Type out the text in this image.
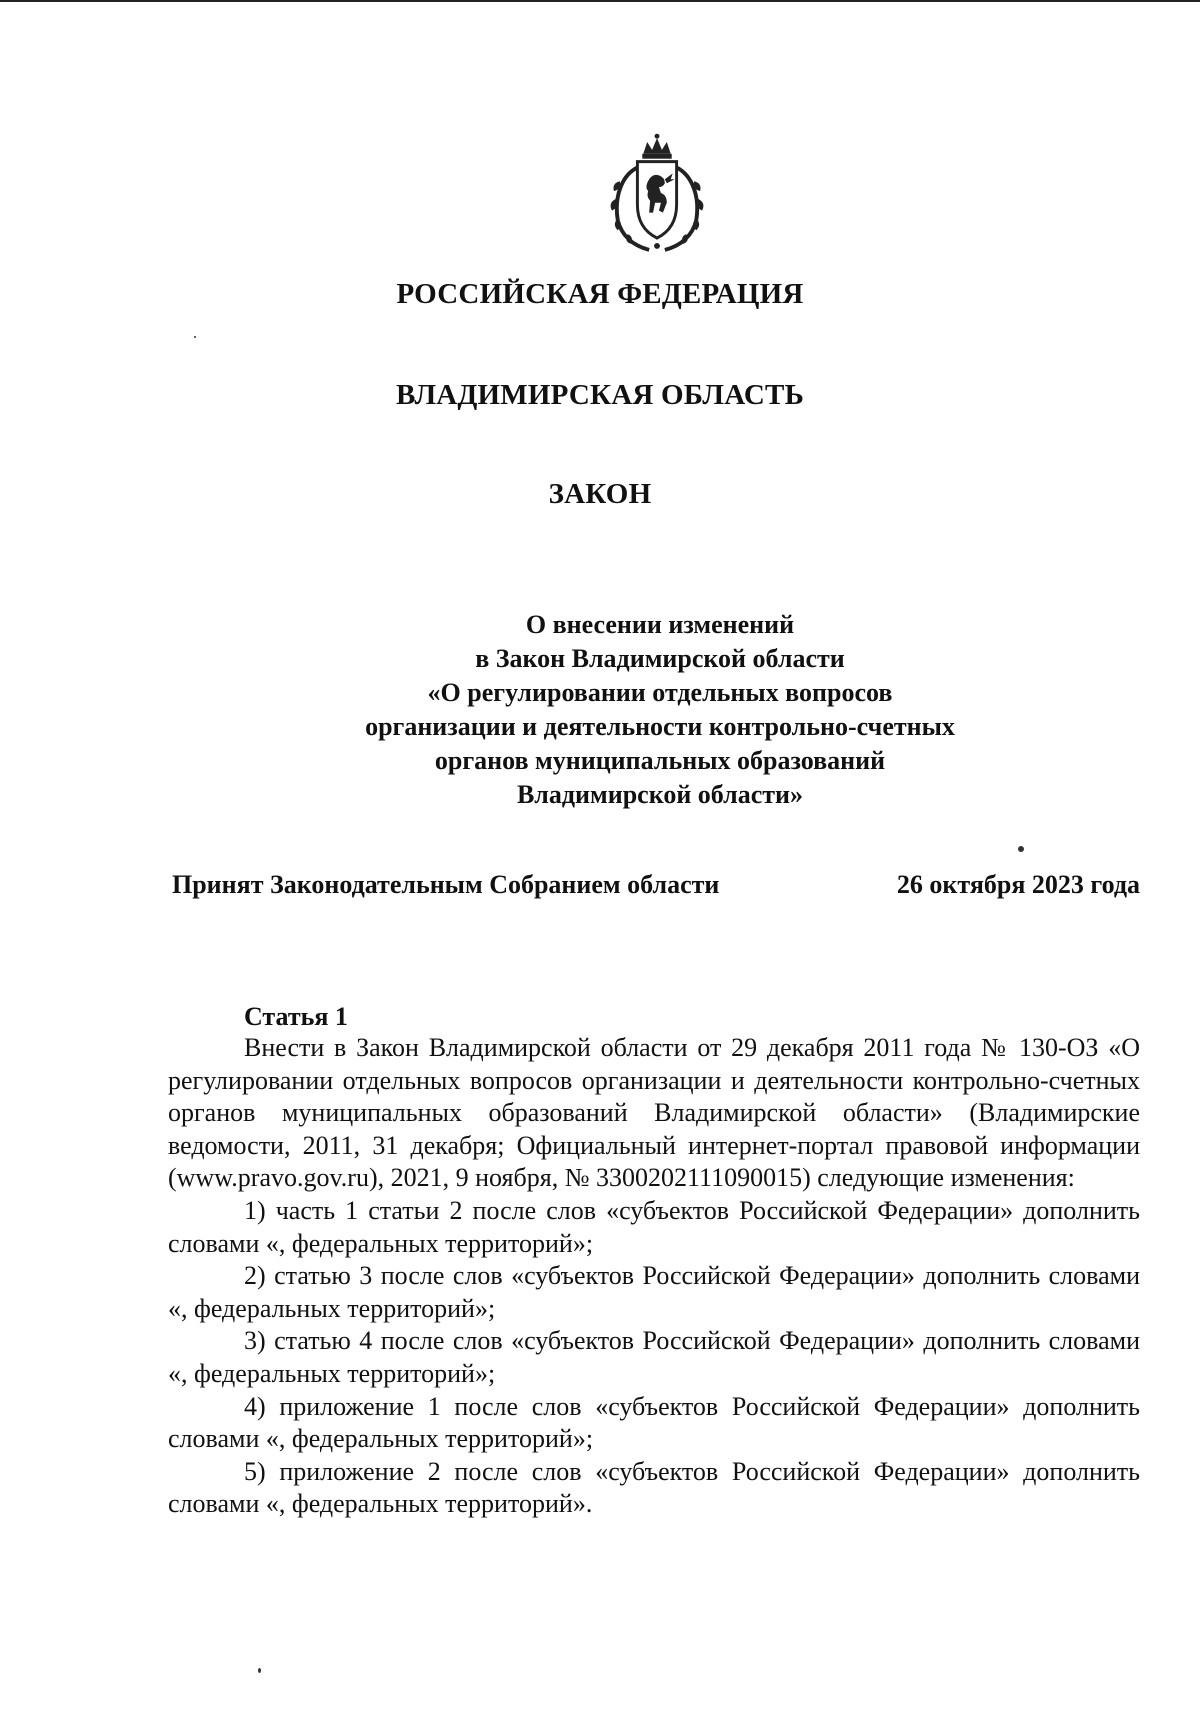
РОССИЙСКАЯ ФЕДЕРАЦИЯ

ВЛАДИМИРСКАЯ ОБЛАСТЬ

ЗАКОН

О внесении изменений
в Закон Владимирской области
«О регулировании отдельных вопросов
организации и деятельности контрольно-счетных
органов муниципальных образований
Владимирской области»
Принят Законодательным Собранием области	26 октября 2023 года

Статья 1

Внести в Закон Владимирской области от 29 декабря 2011 года № 130-ОЗ «О регулировании отдельных вопросов организации и деятельности контрольно-счетных органов муниципальных образований Владимирской области» (Владимирские ведомости, 2011, 31 декабря; Официальный интернет-портал правовой информации (www.pravo.gov.ru), 2021, 9 ноября, № 3300202111090015) следующие изменения:

1) часть 1 статьи 2 после слов «субъектов Российской Федерации» дополнить словами «, федеральных территорий»;

2) статью 3 после слов «субъектов Российской Федерации» дополнить словами «, федеральных территорий»;

3) статью 4 после слов «субъектов Российской Федерации» дополнить словами «, федеральных территорий»;

4) приложение 1 после слов «субъектов Российской Федерации» дополнить словами «, федеральных территорий»;

5) приложение 2 после слов «субъектов Российской Федерации» дополнить словами «, федеральных территорий».
